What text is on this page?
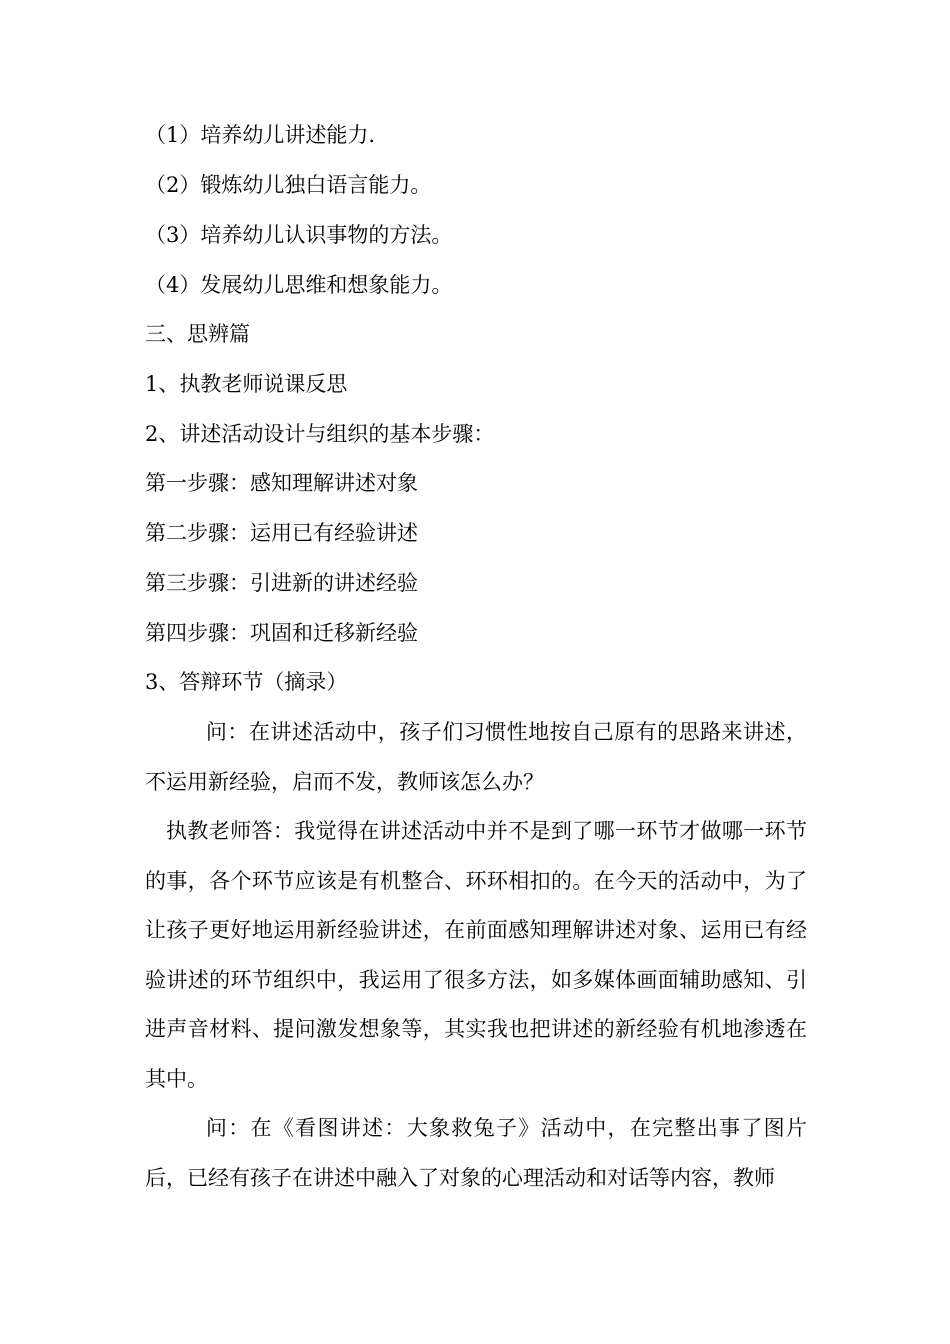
（1）培养幼儿讲述能力.

（2）锻炼幼儿独白语言能力。

（3）培养幼儿认识事物的方法。

（4）发展幼儿思维和想象能力。

三、思辨篇

1、执教老师说课反思

2、讲述活动设计与组织的基本步骤：

第一步骤：感知理解讲述对象

第二步骤：运用已有经验讲述

第三步骤：引进新的讲述经验

第四步骤：巩固和迁移新经验

3、答辩环节（摘录）

问：在讲述活动中，孩子们习惯性地按自己原有的思路来讲述，不运用新经验，启而不发，教师该怎么办？

执教老师答：我觉得在讲述活动中并不是到了哪一环节才做哪一环节的事，各个环节应该是有机整合、环环相扣的。在今天的活动中，为了让孩子更好地运用新经验讲述，在前面感知理解讲述对象、运用已有经验讲述的环节组织中，我运用了很多方法，如多媒体画面辅助感知、引进声音材料、提问激发想象等，其实我也把讲述的新经验有机地渗透在其中。

问：在《看图讲述：大象救兔子》活动中，在完整出事了图片后，已经有孩子在讲述中融入了对象的心理活动和对话等内容，教师
